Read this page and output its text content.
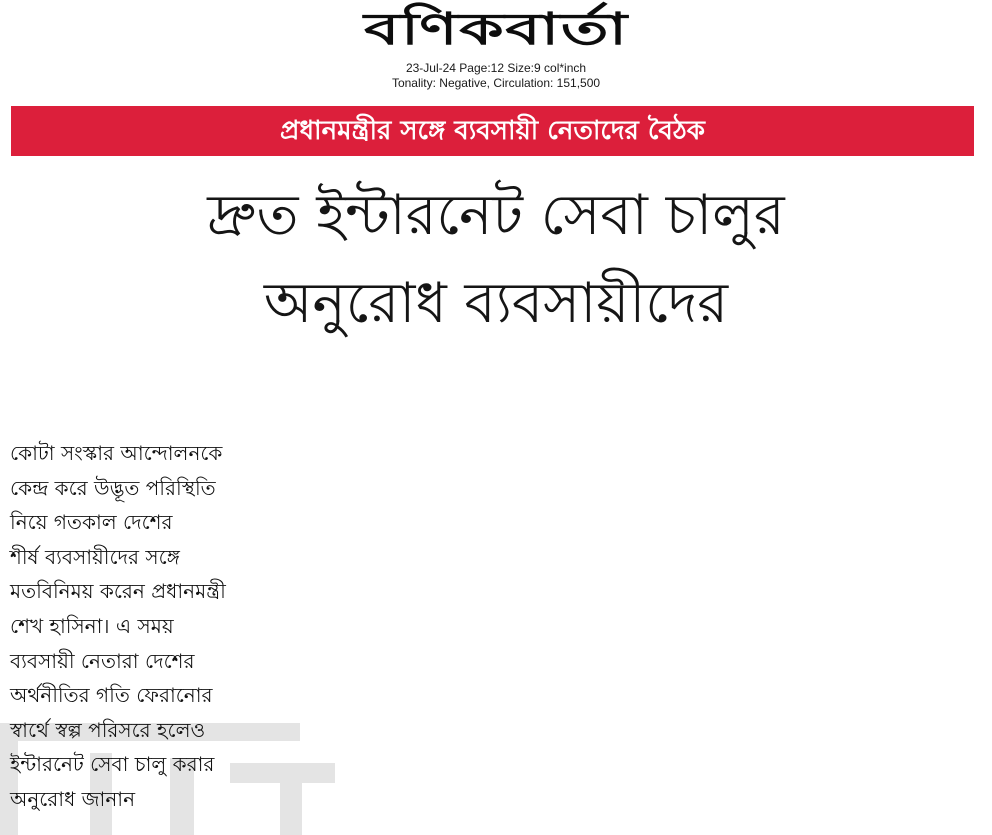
বণিকবার্তা
23-Jul-24 Page:12 Size:9 col*inch
Tonality: Negative, Circulation: 151,500
প্রধানমন্ত্রীর সঙ্গে ব্যবসায়ী নেতাদের বৈঠক
দ্রুত ইন্টারনেট সেবা চালুর
অনুরোধ ব্যবসায়ীদের
কোটা সংস্কার আন্দোলনকে
কেন্দ্র করে উদ্ভূত পরিস্থিতি
নিয়ে গতকাল দেশের
শীর্ষ ব্যবসায়ীদের সঙ্গে
মতবিনিময় করেন প্রধানমন্ত্রী
শেখ হাসিনা। এ সময়
ব্যবসায়ী নেতারা দেশের
অর্থনীতির গতি ফেরানোর
স্বার্থে স্বল্প পরিসরে হলেও
ইন্টারনেট সেবা চালু করার
অনুরোধ জানান
